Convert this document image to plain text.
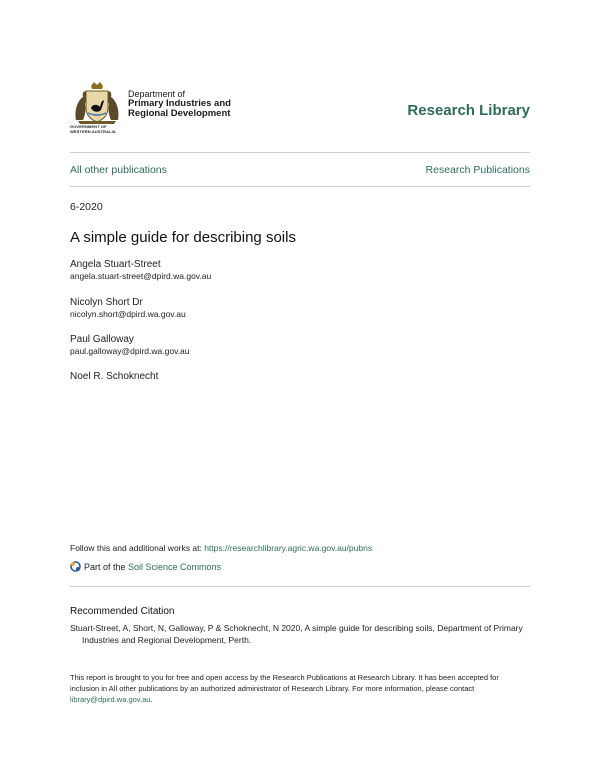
GOVERNMENT OF
WESTERN AUSTRALIA
Department of
Primary Industries and
Regional Development	Research Library
All other publications	Research Publications
6-2020
A simple guide for describing soils
Angela Stuart-Street
angela.stuart-street@dpird.wa.gov.au
Nicolyn Short Dr
nicolyn.short@dpird.wa.gov.au
Paul Galloway
paul.galloway@dpird.wa.gov.au
Noel R. Schoknecht
Follow this and additional works at: https://researchlibrary.agric.wa.gov.au/pubns
Part of the Soil Science Commons
Recommended Citation
Stuart-Street, A, Short, N, Galloway, P & Schoknecht, N 2020, A simple guide for describing soils, Department of Primary Industries and Regional Development, Perth.
This report is brought to you for free and open access by the Research Publications at Research Library. It has been accepted for inclusion in All other publications by an authorized administrator of Research Library. For more information, please contact library@dpird.wa.gov.au.
